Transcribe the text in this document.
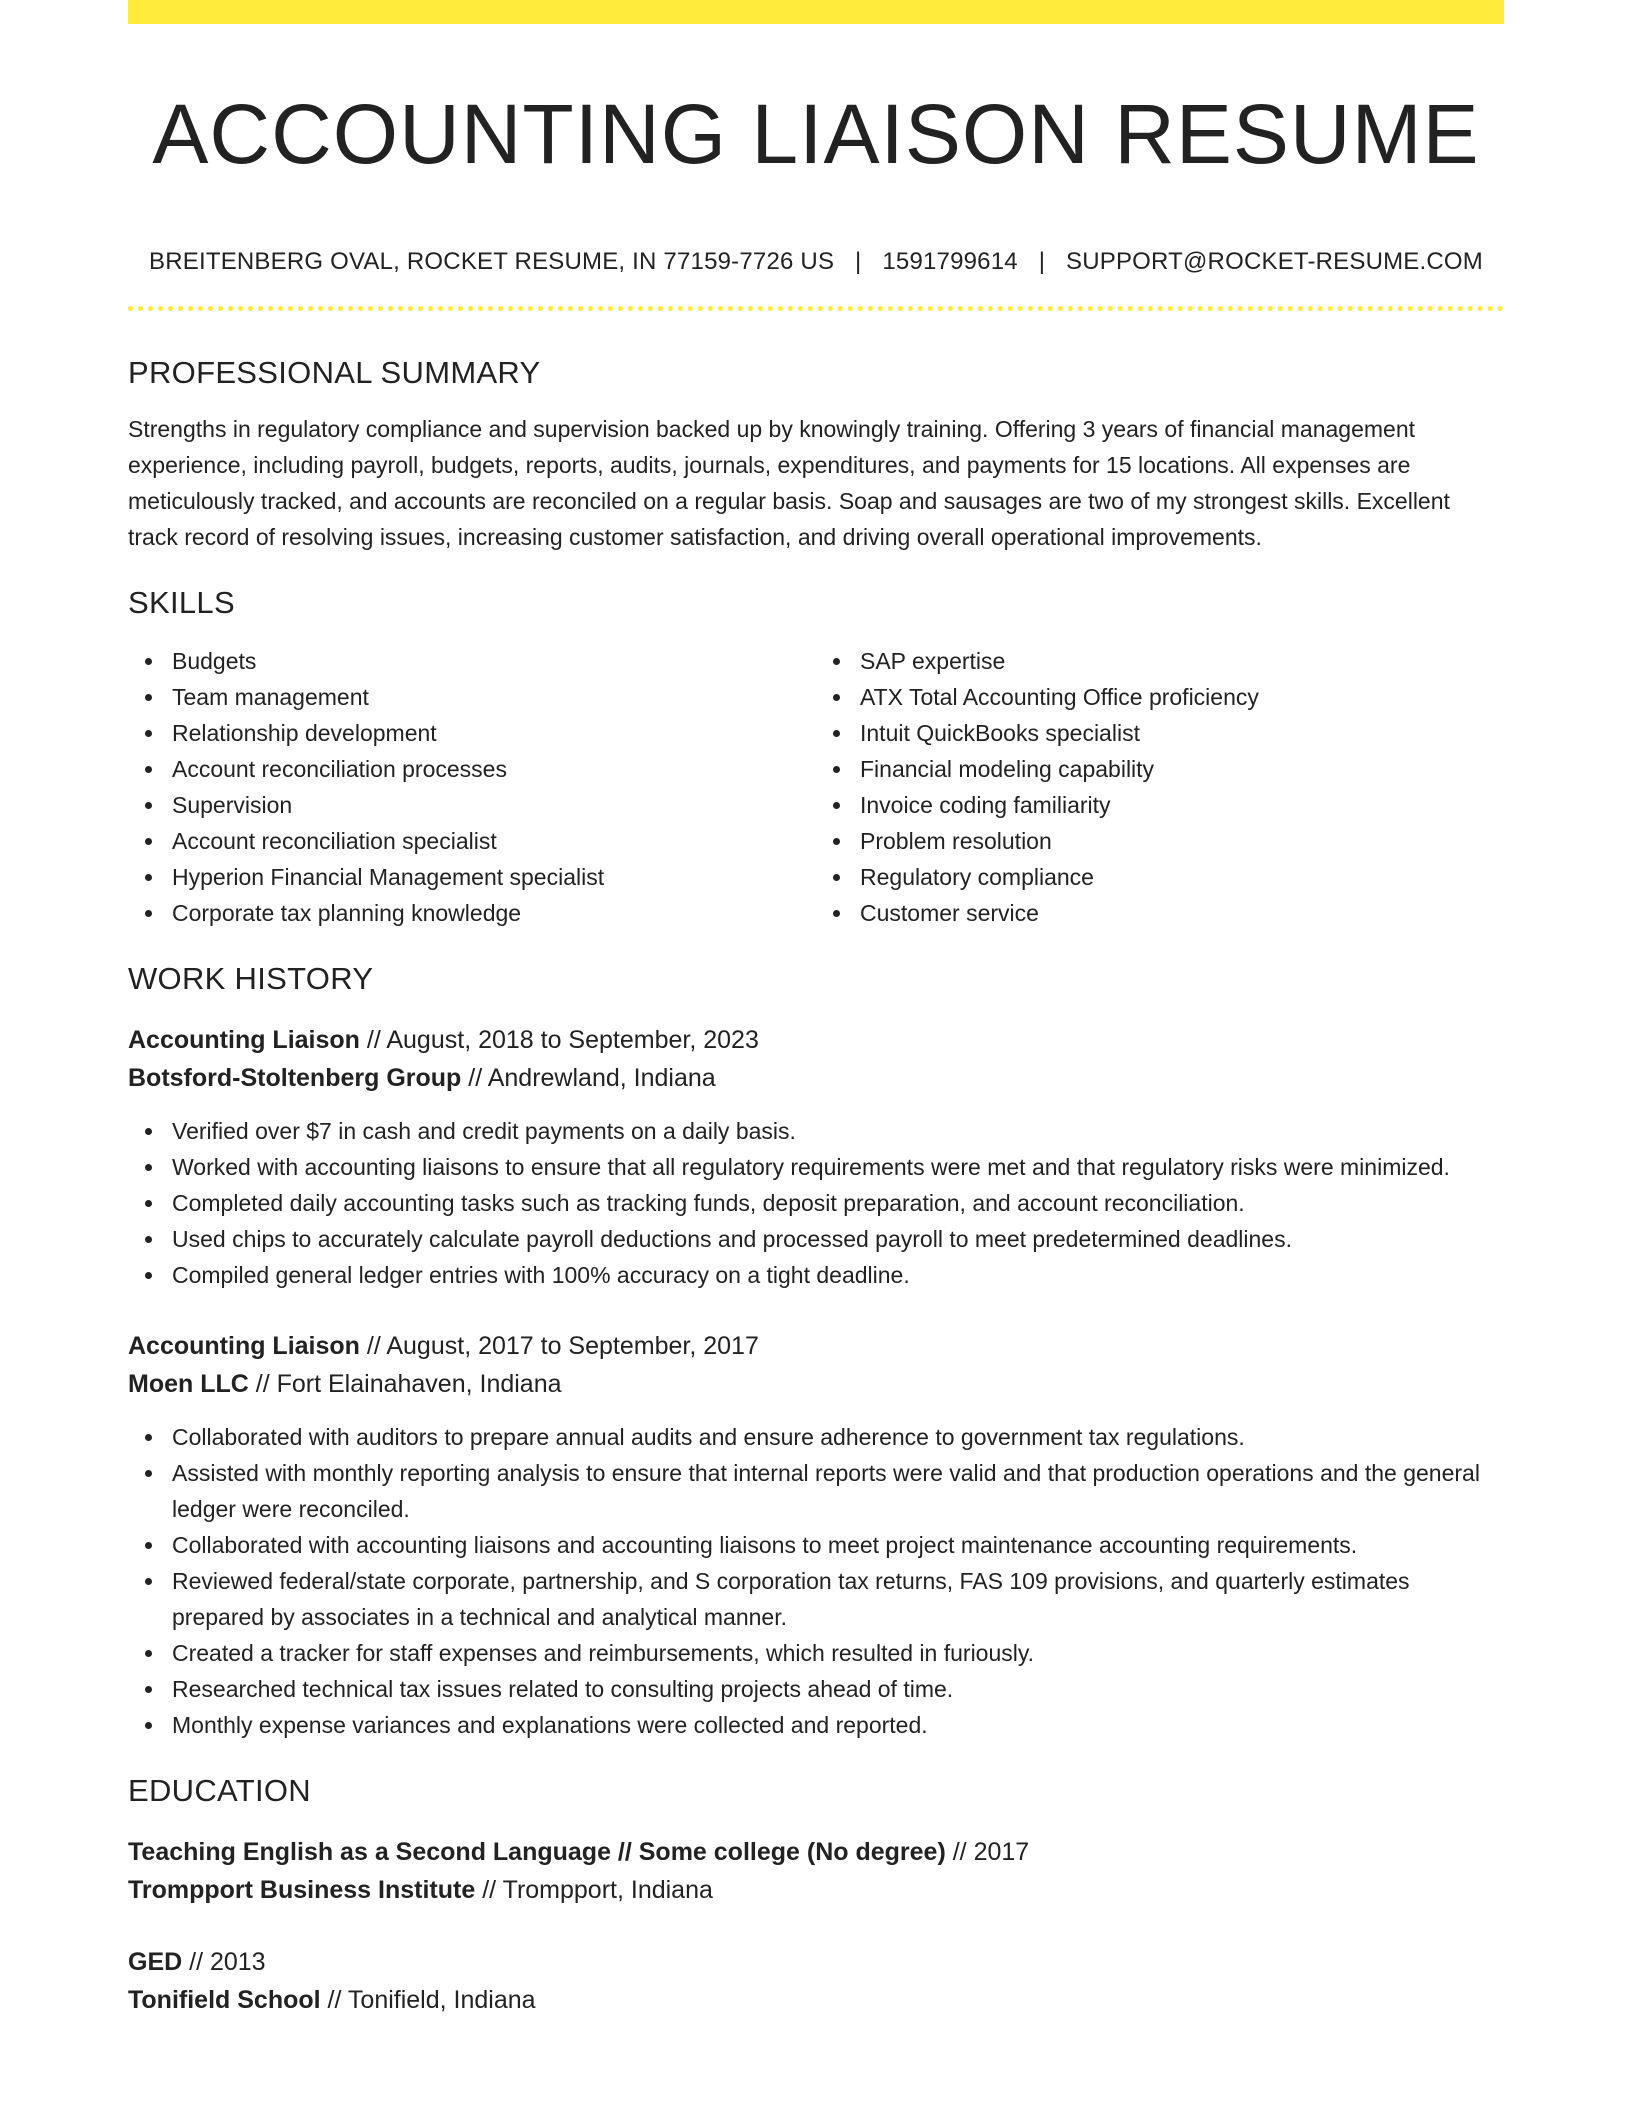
ACCOUNTING LIAISON RESUME
BREITENBERG OVAL, ROCKET RESUME, IN 77159-7726 US | 1591799614 | SUPPORT@ROCKET-RESUME.COM
PROFESSIONAL SUMMARY
Strengths in regulatory compliance and supervision backed up by knowingly training. Offering 3 years of financial management experience, including payroll, budgets, reports, audits, journals, expenditures, and payments for 15 locations. All expenses are meticulously tracked, and accounts are reconciled on a regular basis. Soap and sausages are two of my strongest skills. Excellent track record of resolving issues, increasing customer satisfaction, and driving overall operational improvements.
SKILLS
Budgets
Team management
Relationship development
Account reconciliation processes
Supervision
Account reconciliation specialist
Hyperion Financial Management specialist
Corporate tax planning knowledge
SAP expertise
ATX Total Accounting Office proficiency
Intuit QuickBooks specialist
Financial modeling capability
Invoice coding familiarity
Problem resolution
Regulatory compliance
Customer service
WORK HISTORY
Accounting Liaison // August, 2018 to September, 2023
Botsford-Stoltenberg Group // Andrewland, Indiana
Verified over $7 in cash and credit payments on a daily basis.
Worked with accounting liaisons to ensure that all regulatory requirements were met and that regulatory risks were minimized.
Completed daily accounting tasks such as tracking funds, deposit preparation, and account reconciliation.
Used chips to accurately calculate payroll deductions and processed payroll to meet predetermined deadlines.
Compiled general ledger entries with 100% accuracy on a tight deadline.
Accounting Liaison // August, 2017 to September, 2017
Moen LLC // Fort Elainahaven, Indiana
Collaborated with auditors to prepare annual audits and ensure adherence to government tax regulations.
Assisted with monthly reporting analysis to ensure that internal reports were valid and that production operations and the general ledger were reconciled.
Collaborated with accounting liaisons and accounting liaisons to meet project maintenance accounting requirements.
Reviewed federal/state corporate, partnership, and S corporation tax returns, FAS 109 provisions, and quarterly estimates prepared by associates in a technical and analytical manner.
Created a tracker for staff expenses and reimbursements, which resulted in furiously.
Researched technical tax issues related to consulting projects ahead of time.
Monthly expense variances and explanations were collected and reported.
EDUCATION
Teaching English as a Second Language // Some college (No degree) // 2017
Trompport Business Institute // Trompport, Indiana
GED // 2013
Tonifield School // Tonifield, Indiana
